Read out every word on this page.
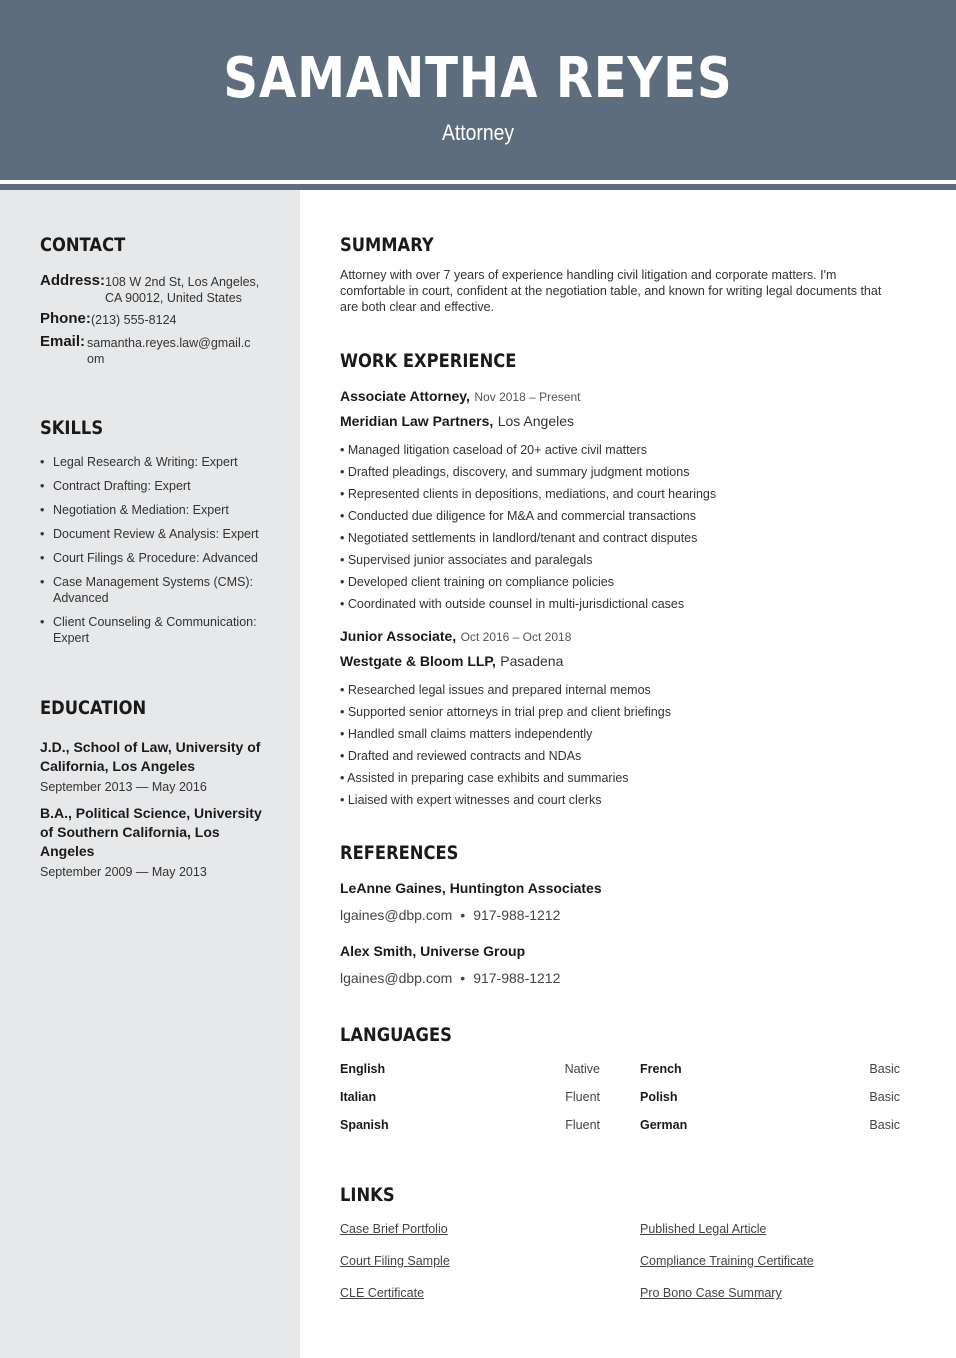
SAMANTHA REYES
Attorney
CONTACT
Address: 108 W 2nd St, Los Angeles, CA 90012, United States
Phone: (213) 555-8124
Email: samantha.reyes.law@gmail.com
SKILLS
• Legal Research & Writing: Expert
• Contract Drafting: Expert
• Negotiation & Mediation: Expert
• Document Review & Analysis: Expert
• Court Filings & Procedure: Advanced
• Case Management Systems (CMS): Advanced
• Client Counseling & Communication: Expert
EDUCATION
J.D., School of Law, University of California, Los Angeles
September 2013 — May 2016
B.A., Political Science, University of Southern California, Los Angeles
September 2009 — May 2013
SUMMARY
Attorney with over 7 years of experience handling civil litigation and corporate matters. I'm comfortable in court, confident at the negotiation table, and known for writing legal documents that are both clear and effective.
WORK EXPERIENCE
Associate Attorney, Nov 2018 – Present
Meridian Law Partners, Los Angeles
• Managed litigation caseload of 20+ active civil matters
• Drafted pleadings, discovery, and summary judgment motions
• Represented clients in depositions, mediations, and court hearings
• Conducted due diligence for M&A and commercial transactions
• Negotiated settlements in landlord/tenant and contract disputes
• Supervised junior associates and paralegals
• Developed client training on compliance policies
• Coordinated with outside counsel in multi-jurisdictional cases
Junior Associate, Oct 2016 – Oct 2018
Westgate & Bloom LLP, Pasadena
• Researched legal issues and prepared internal memos
• Supported senior attorneys in trial prep and client briefings
• Handled small claims matters independently
• Drafted and reviewed contracts and NDAs
• Assisted in preparing case exhibits and summaries
• Liaised with expert witnesses and court clerks
REFERENCES
LeAnne Gaines, Huntington Associates
lgaines@dbp.com • 917-988-1212
Alex Smith, Universe Group
lgaines@dbp.com • 917-988-1212
LANGUAGES
English	Native	French	Basic
Italian	Fluent	Polish	Basic
Spanish	Fluent	German	Basic
LINKS
Case Brief Portfolio	Published Legal Article
Court Filing Sample	Compliance Training Certificate
CLE Certificate	Pro Bono Case Summary
